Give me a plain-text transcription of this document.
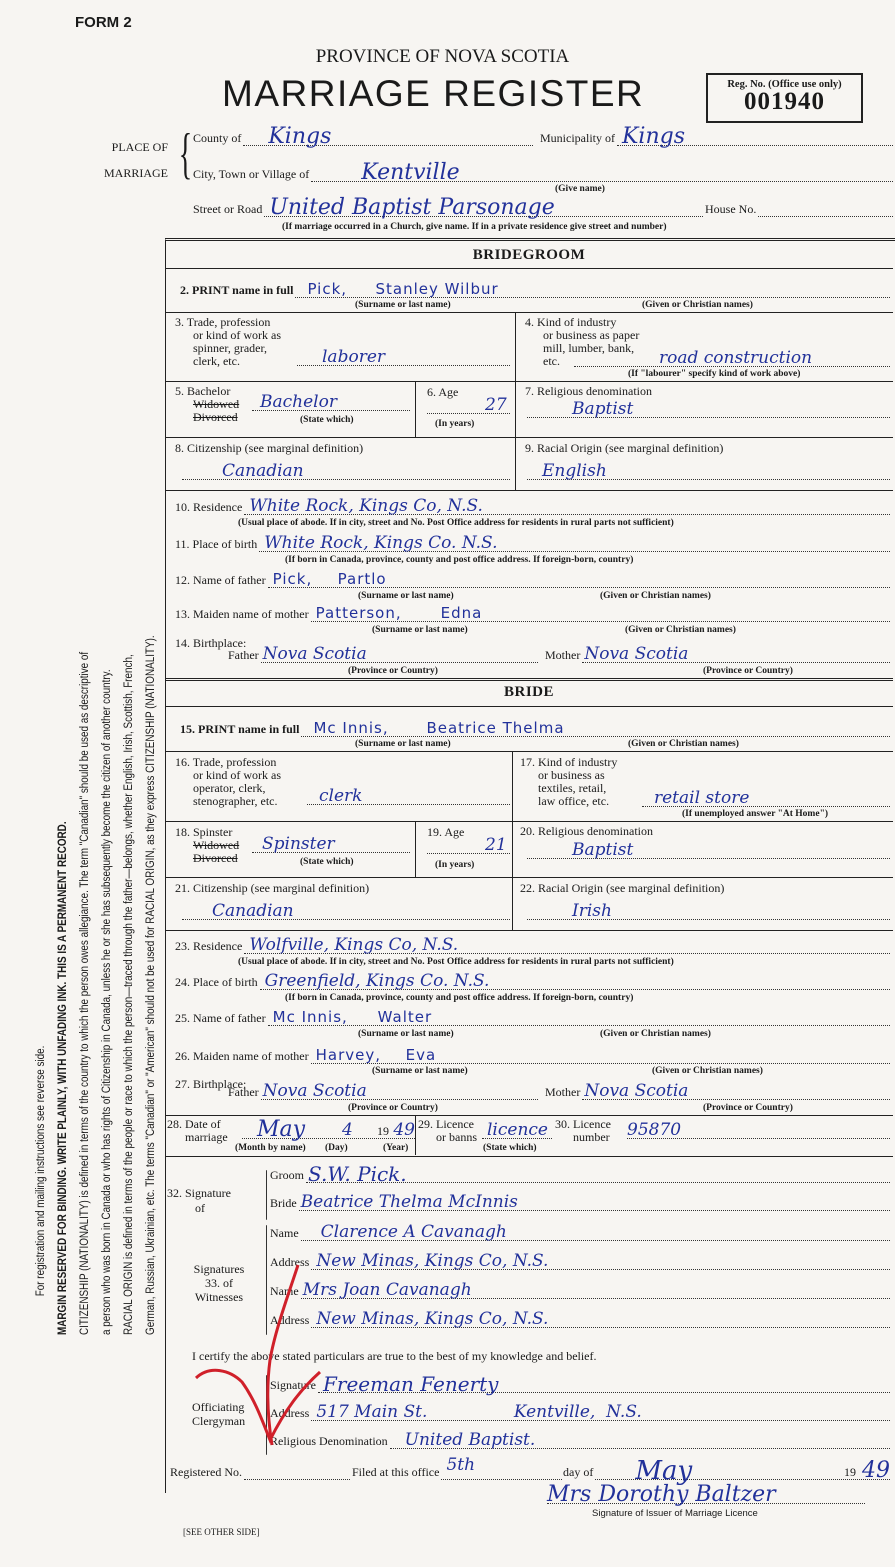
FORM 2
PROVINCE OF NOVA SCOTIA
MARRIAGE REGISTER	Reg. No. (Office use only)
001940
For registration and mailing instructions see reverse side. MARGIN RESERVED FOR BINDING. WRITE PLAINLY, WITH UNFADING INK. THIS IS A PERMANENT RECORD. CITIZENSHIP (NATIONALITY) is defined in terms of the country to which the person owes allegiance. The term "Canadian" should be used as descriptive of a person who was born in Canada or who has rights of Citizenship in Canada, unless he or she has subsequently become the citizen of another country. RACIAL ORIGIN is defined in terms of the people or race to which the person—traced through the father—belongs, whether English, Irish, Scottish, French, German, Russian, Ukrainian, etc. The terms "Canadian" or "American" should not be used for RACIAL ORIGIN, as they express CITIZENSHIP (NATIONALITY).
PLACE OF
MARRIAGE { County of Kings	Municipality of Kings
City, Town or Village of Kentville
(Give name)
Street or Road United Baptist Parsonage	House No.
(If marriage occurred in a Church, give name. If in a private residence give street and number)
BRIDEGROOM
2. PRINT name in full Pick, Stanley Wilbur
(Surname or last name)	(Given or Christian names)
3. Trade, profession
or kind of work as
spinner, grader,
clerk, etc.	laborer
4. Kind of industry
or business as paper
mill, lumber, bank,
etc.	road construction
(If "labourer" specify kind of work above)
5. Bachelor
Widowed
Divorced
Bachelor
(State which)
6. Age
27
(In years)
7. Religious denomination
Baptist
8. Citizenship (see marginal definition)
Canadian
9. Racial Origin (see marginal definition)
English
10. Residence White Rock, Kings Co, N.S.
(Usual place of abode. If in city, street and No. Post Office address for residents in rural parts not sufficient)
11. Place of birth White Rock, Kings Co. N.S.
(If born in Canada, province, county and post office address. If foreign-born, country)
12. Name of father Pick, Partlo
(Surname or last name)	(Given or Christian names)
13. Maiden name of mother Patterson,	Edna
(Surname or last name)	(Given or Christian names)
14. Birthplace:
Father Nova Scotia	Mother Nova Scotia
(Province or Country)	(Province or Country)
BRIDE
15. PRINT name in full Mc Innis,	Beatrice Thelma
(Surname or last name)	(Given or Christian names)
16. Trade, profession
or kind of work as
operator, clerk,
stenographer, etc. clerk
17. Kind of industry
or business as
textiles, retail,
law office, etc.	retail store
(If unemployed answer "At Home")
18. Spinster
Widowed
Divorced
Spinster
(State which)
19. Age
21
(In years)
20. Religious denomination
Baptist
21. Citizenship (see marginal definition)
Canadian
22. Racial Origin (see marginal definition)
Irish
23. Residence Wolfville, Kings Co, N.S.
(Usual place of abode. If in city, street and No. Post Office address for residents in rural parts not sufficient)
24. Place of birth Greenfield, Kings Co. N.S.
(If born in Canada, province, county and post office address. If foreign-born, country)
25. Name of father Mc Innis, Walter
(Surname or last name)	(Given or Christian names)
26. Maiden name of mother Harvey, Eva
(Surname or last name)	(Given or Christian names)
27. Birthplace:
Father Nova Scotia	Mother Nova Scotia
(Province or Country)	(Province or Country)
28. Date of
marriage May 4 19 49
(Month by name) (Day)	(Year)
29. Licence
or banns licence
(State which)
30. Licence
number 95870
32. Signature
of
Groom S.W. Pick.
Bride Beatrice Thelma McInnis
Signatures
33. of
Witnesses
Name Clarence A Cavanagh
Address New Minas, Kings Co, N.S.
Name Mrs Joan Cavanagh
Address New Minas, Kings Co, N.S.
I certify the above stated particulars are true to the best of my knowledge and belief.
Officiating
Clergyman
Signature Freeman Fenerty
Address 517 Main St.                Kentville,  N.S.
Religious Denomination United Baptist.
Registered No.	Filed at this office 5th	day of May	19 49
Mrs Dorothy Baltzer
Signature of Issuer of Marriage Licence
[SEE OTHER SIDE]
